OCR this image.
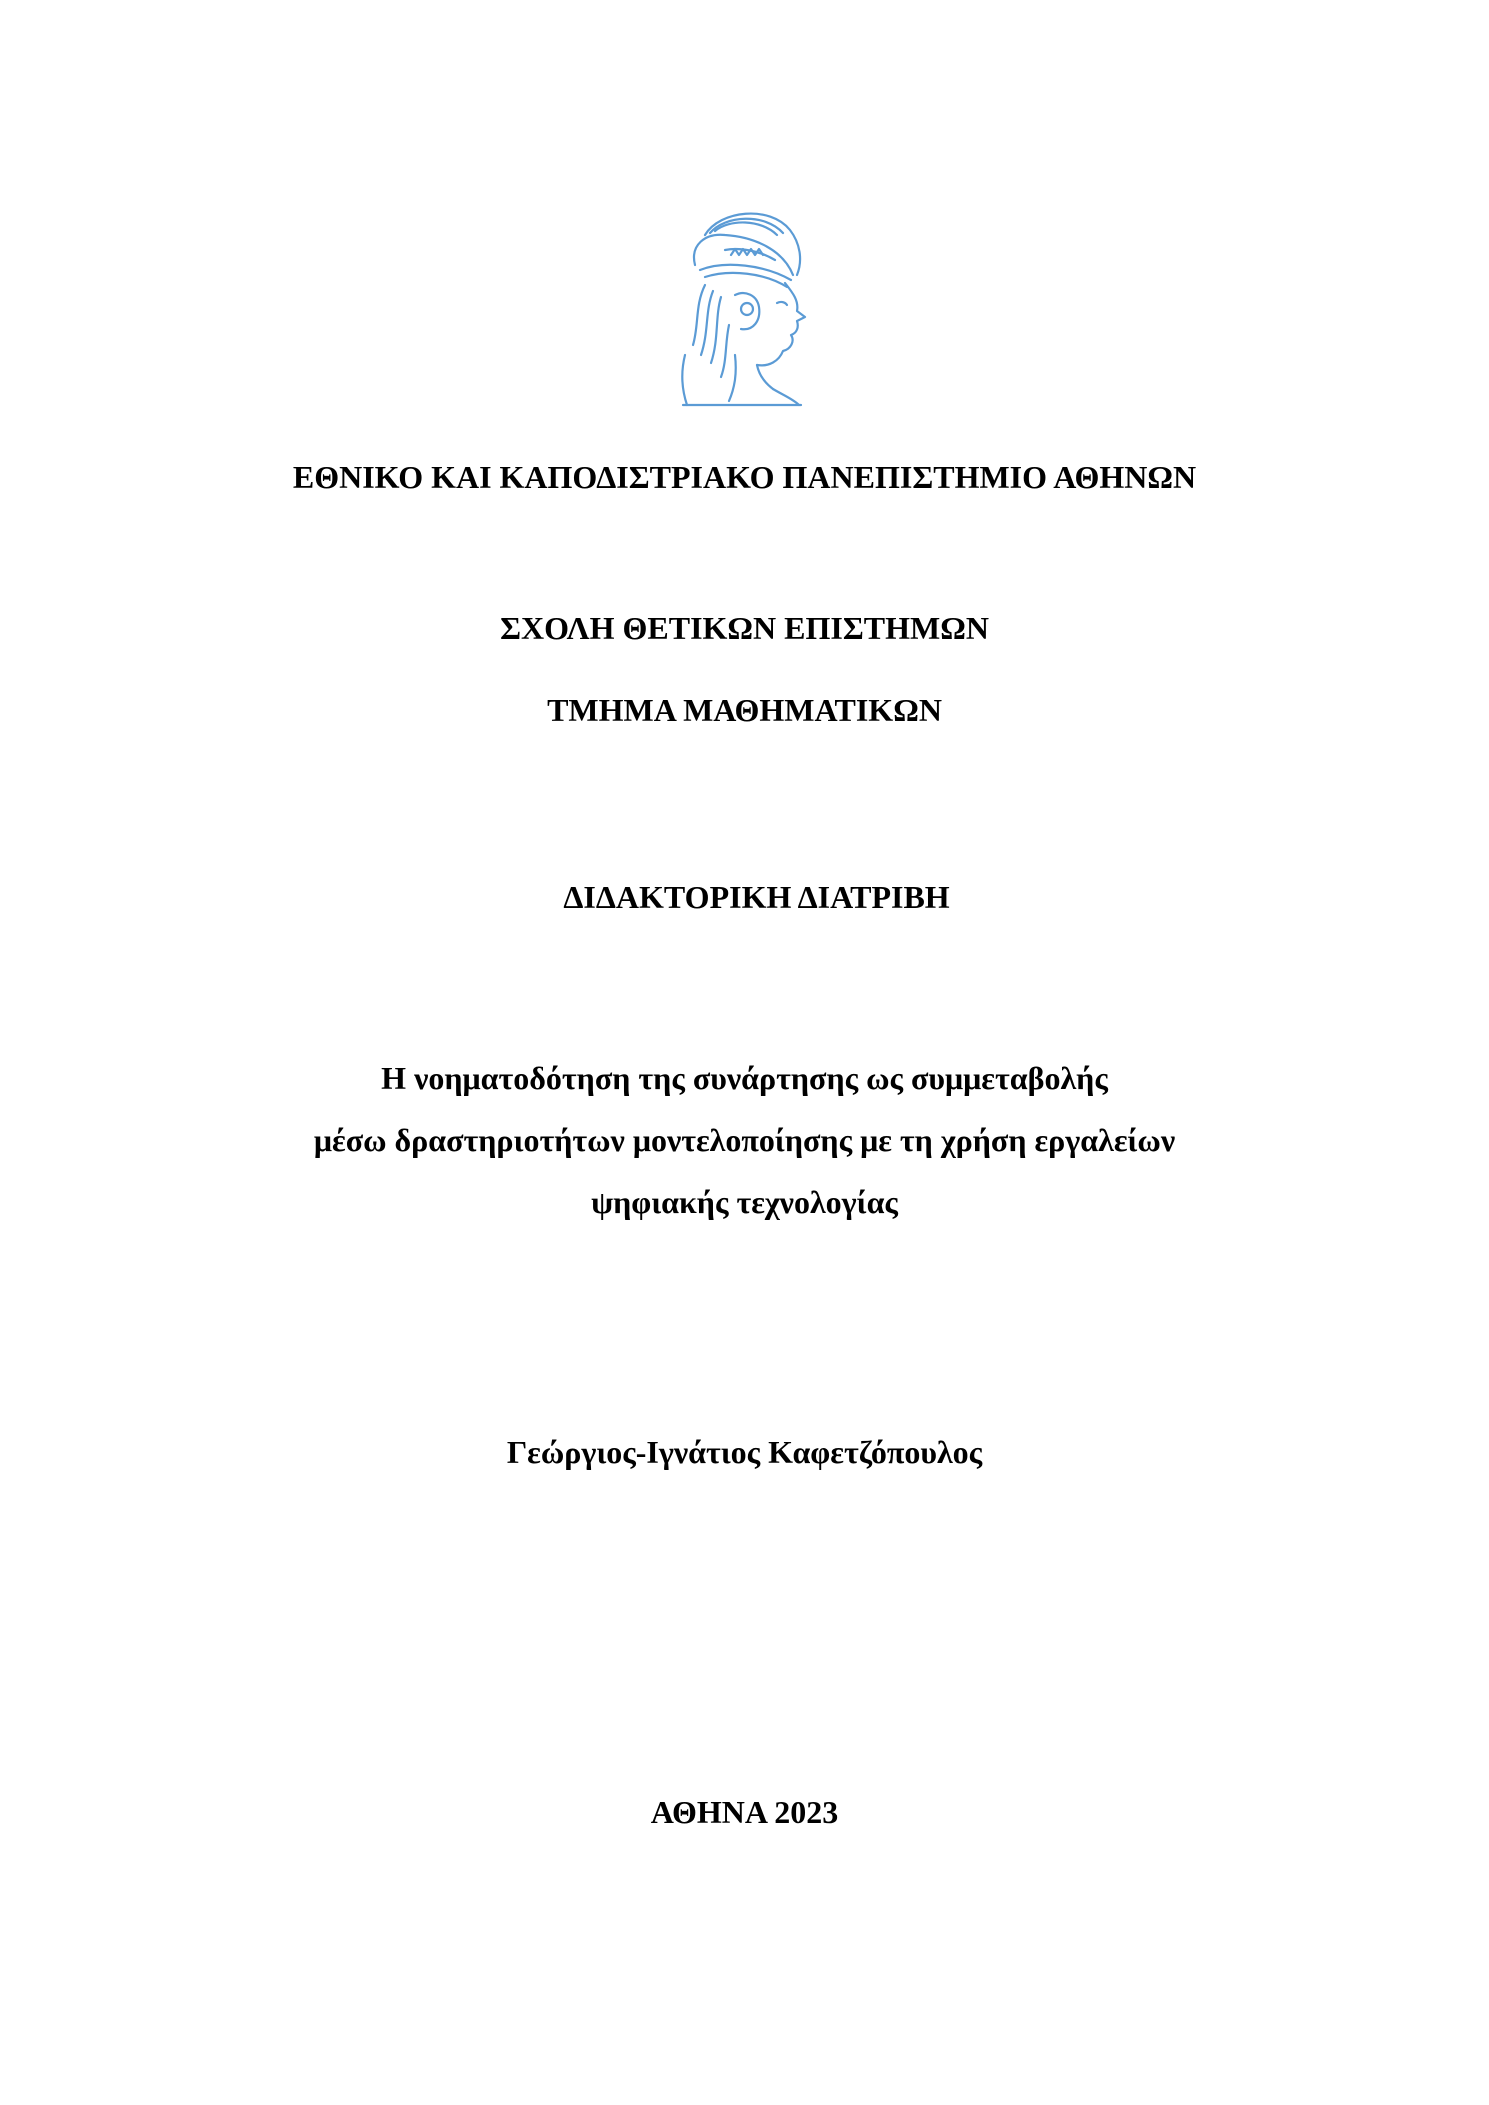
ΕΘΝΙΚΟ ΚΑΙ ΚΑΠΟΔΙΣΤΡΙΑΚΟ ΠΑΝΕΠΙΣΤΗΜΙΟ ΑΘΗΝΩΝ
ΣΧΟΛΗ ΘΕΤΙΚΩΝ ΕΠΙΣΤΗΜΩΝ
ΤΜΗΜΑ ΜΑΘΗΜΑΤΙΚΩΝ
ΔΙΔΑΚΤΟΡΙΚΗ ΔΙΑΤΡΙΒΗ
Η νοηματοδότηση της συνάρτησης ως συμμεταβολής
μέσω δραστηριοτήτων μοντελοποίησης με τη χρήση εργαλείων
ψηφιακής τεχνολογίας
Γεώργιος-Ιγνάτιος Καφετζόπουλος
ΑΘΗΝΑ 2023
